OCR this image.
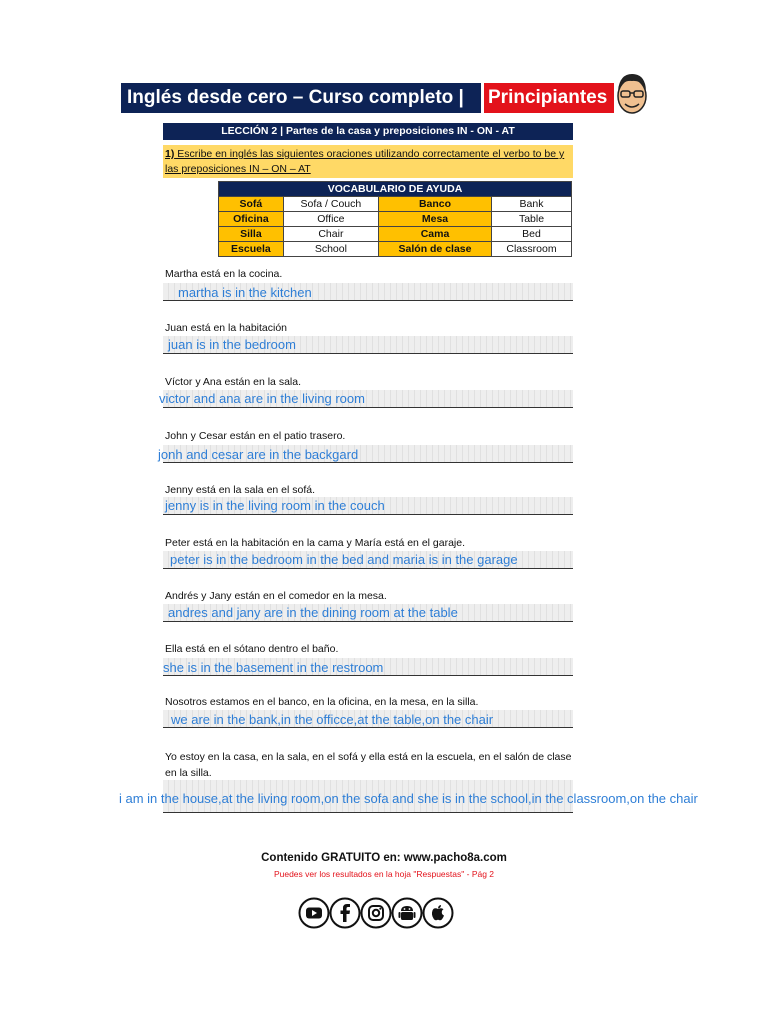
Inglés desde cero – Curso completo |	Principiantes
LECCIÓN 2 | Partes de la casa y preposiciones IN - ON - AT
1) Escribe en inglés las siguientes oraciones utilizando correctamente el verbo to be y las preposiciones IN – ON – AT
VOCABULARIO DE AYUDA			
Sofá	Sofa / Couch	Banco	Bank
Oficina	Office	Mesa	Table
Silla	Chair	Cama	Bed
Escuela	School	Salón de clase	Classroom
Martha está en la cocina.
martha is in the kitchen
Juan está en la habitación
juan is in the bedroom
Víctor y Ana están en la sala.
victor and ana are in the living room
John y Cesar están en el patio trasero.
jonh and cesar are in the backgard
Jenny está en la sala en el sofá.
jenny is in the living room in the couch
Peter está en la habitación en la cama y María está en el garaje.
peter is in the bedroom in the bed and maria is in the garage
Andrés y Jany están en el comedor en la mesa.
andres and jany are in the dining room at the table
Ella está en el sótano dentro el baño.
she is in the basement in the restroom
Nosotros estamos en el banco, en la oficina, en la mesa, en la silla.
we are in the bank,in the officce,at the table,on the chair
Yo estoy en la casa, en la sala, en el sofá y ella está en la escuela, en el salón de clase
en la silla.
i am in the house,at the living room,on the sofa and she is in the school,in the classroom,on the chair
Contenido GRATUITO en: www.pacho8a.com
Puedes ver los resultados en la hoja "Respuestas" - Pág 2
